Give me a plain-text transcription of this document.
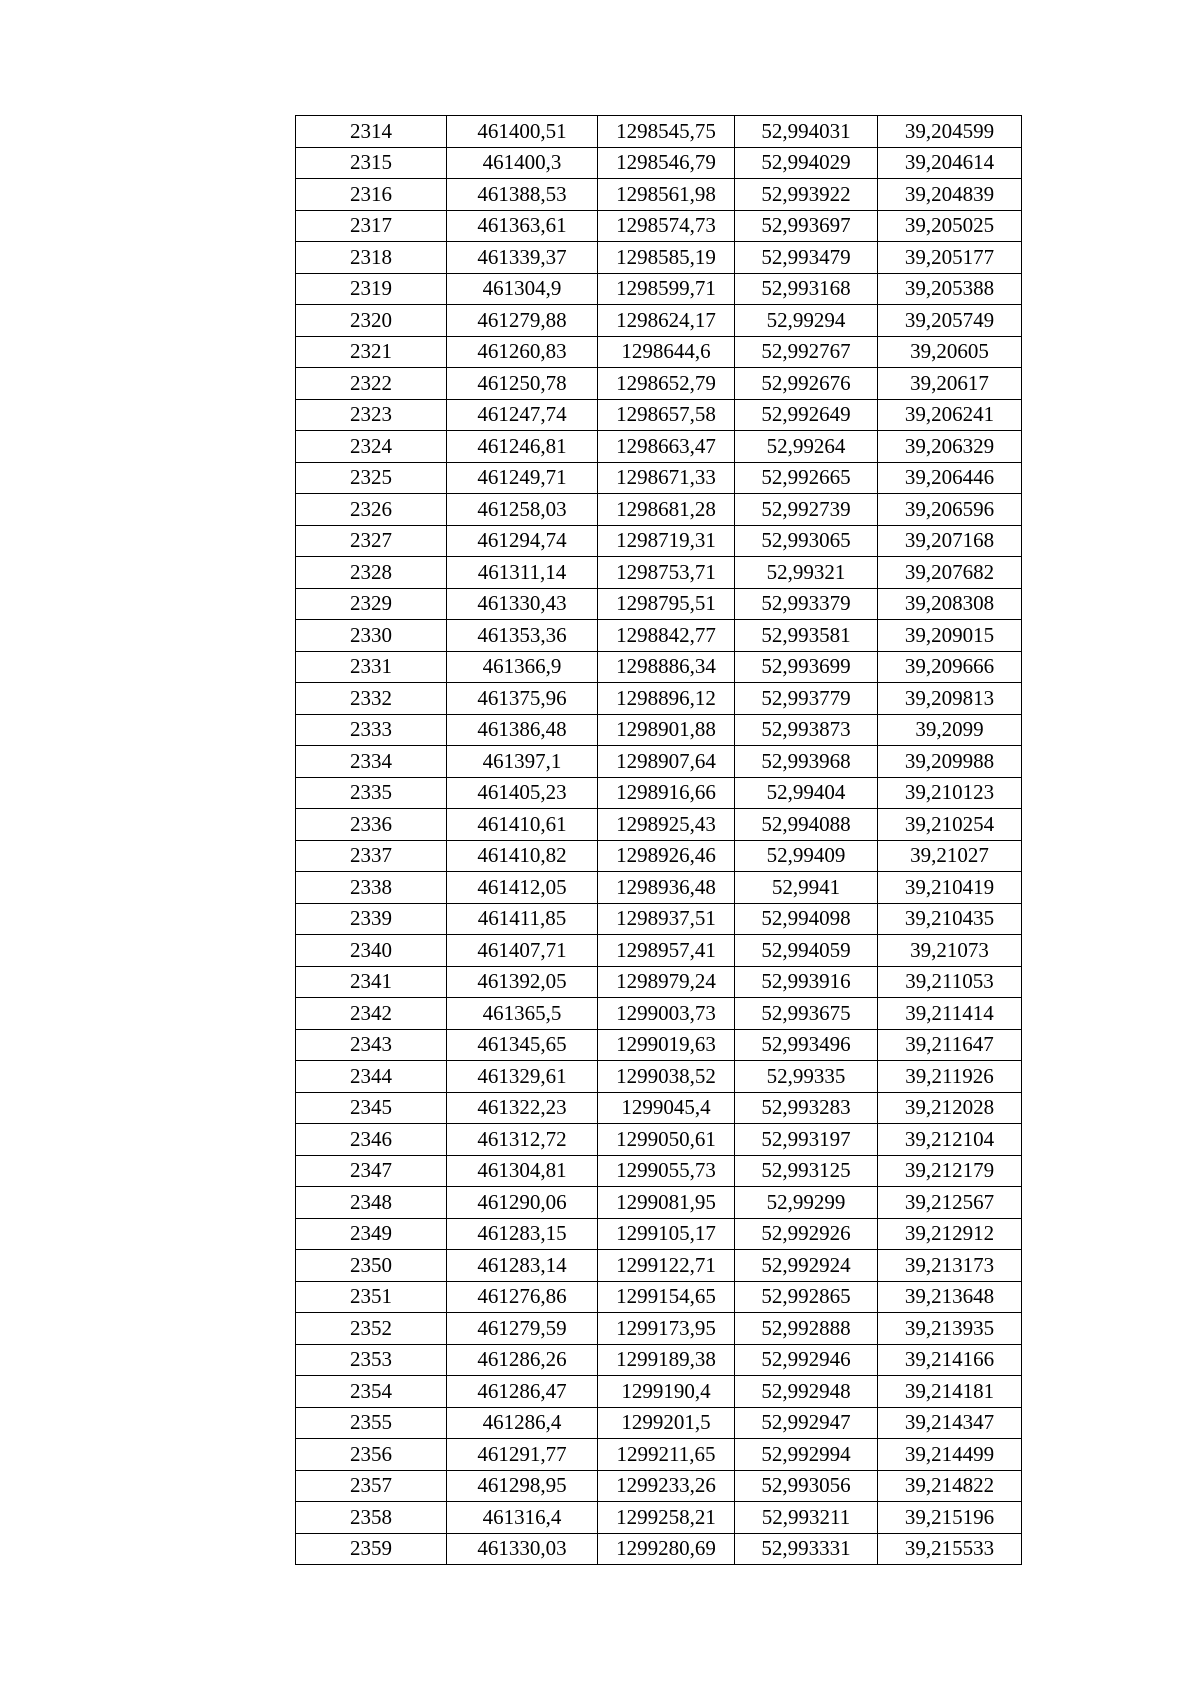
2314	461400,51	1298545,75	52,994031	39,204599
2315	461400,3	1298546,79	52,994029	39,204614
2316	461388,53	1298561,98	52,993922	39,204839
2317	461363,61	1298574,73	52,993697	39,205025
2318	461339,37	1298585,19	52,993479	39,205177
2319	461304,9	1298599,71	52,993168	39,205388
2320	461279,88	1298624,17	52,99294	39,205749
2321	461260,83	1298644,6	52,992767	39,20605
2322	461250,78	1298652,79	52,992676	39,20617
2323	461247,74	1298657,58	52,992649	39,206241
2324	461246,81	1298663,47	52,99264	39,206329
2325	461249,71	1298671,33	52,992665	39,206446
2326	461258,03	1298681,28	52,992739	39,206596
2327	461294,74	1298719,31	52,993065	39,207168
2328	461311,14	1298753,71	52,99321	39,207682
2329	461330,43	1298795,51	52,993379	39,208308
2330	461353,36	1298842,77	52,993581	39,209015
2331	461366,9	1298886,34	52,993699	39,209666
2332	461375,96	1298896,12	52,993779	39,209813
2333	461386,48	1298901,88	52,993873	39,2099
2334	461397,1	1298907,64	52,993968	39,209988
2335	461405,23	1298916,66	52,99404	39,210123
2336	461410,61	1298925,43	52,994088	39,210254
2337	461410,82	1298926,46	52,99409	39,21027
2338	461412,05	1298936,48	52,9941	39,210419
2339	461411,85	1298937,51	52,994098	39,210435
2340	461407,71	1298957,41	52,994059	39,21073
2341	461392,05	1298979,24	52,993916	39,211053
2342	461365,5	1299003,73	52,993675	39,211414
2343	461345,65	1299019,63	52,993496	39,211647
2344	461329,61	1299038,52	52,99335	39,211926
2345	461322,23	1299045,4	52,993283	39,212028
2346	461312,72	1299050,61	52,993197	39,212104
2347	461304,81	1299055,73	52,993125	39,212179
2348	461290,06	1299081,95	52,99299	39,212567
2349	461283,15	1299105,17	52,992926	39,212912
2350	461283,14	1299122,71	52,992924	39,213173
2351	461276,86	1299154,65	52,992865	39,213648
2352	461279,59	1299173,95	52,992888	39,213935
2353	461286,26	1299189,38	52,992946	39,214166
2354	461286,47	1299190,4	52,992948	39,214181
2355	461286,4	1299201,5	52,992947	39,214347
2356	461291,77	1299211,65	52,992994	39,214499
2357	461298,95	1299233,26	52,993056	39,214822
2358	461316,4	1299258,21	52,993211	39,215196
2359	461330,03	1299280,69	52,993331	39,215533
